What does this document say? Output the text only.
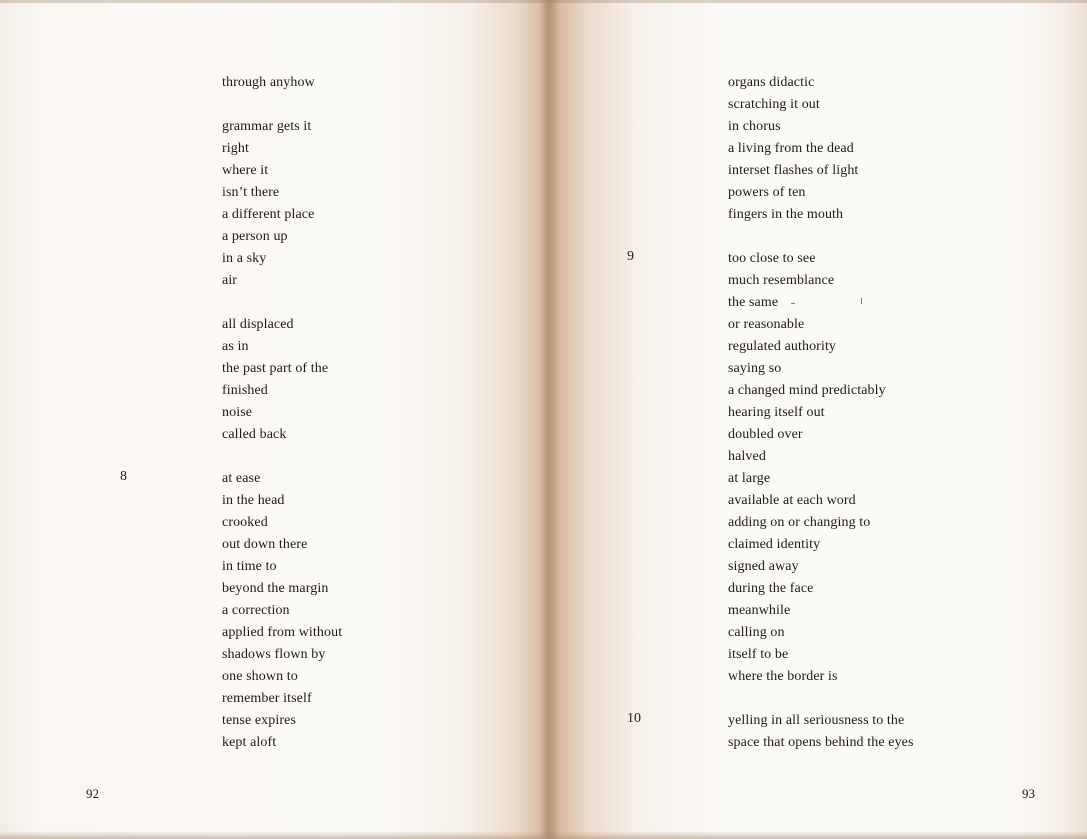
through anyhow
grammar gets it
right
where it
isn’t there
a different place
a person up
in a sky
air
all displaced
as in
the past part of the
finished
noise
called back
at ease
in the head
crooked
out down there
in time to
beyond the margin
a correction
applied from without
shadows flown by
one shown to
remember itself
tense expires
kept aloft
8
92
organs didactic
scratching it out
in chorus
a living from the dead
interset flashes of light
powers of ten
fingers in the mouth
too close to see
much resemblance
the same
or reasonable
regulated authority
saying so
a changed mind predictably
hearing itself out
doubled over
halved
at large
available at each word
adding on or changing to
claimed identity
signed away
during the face
meanwhile
calling on
itself to be
where the border is
yelling in all seriousness to the
space that opens behind the eyes
9
10
93
